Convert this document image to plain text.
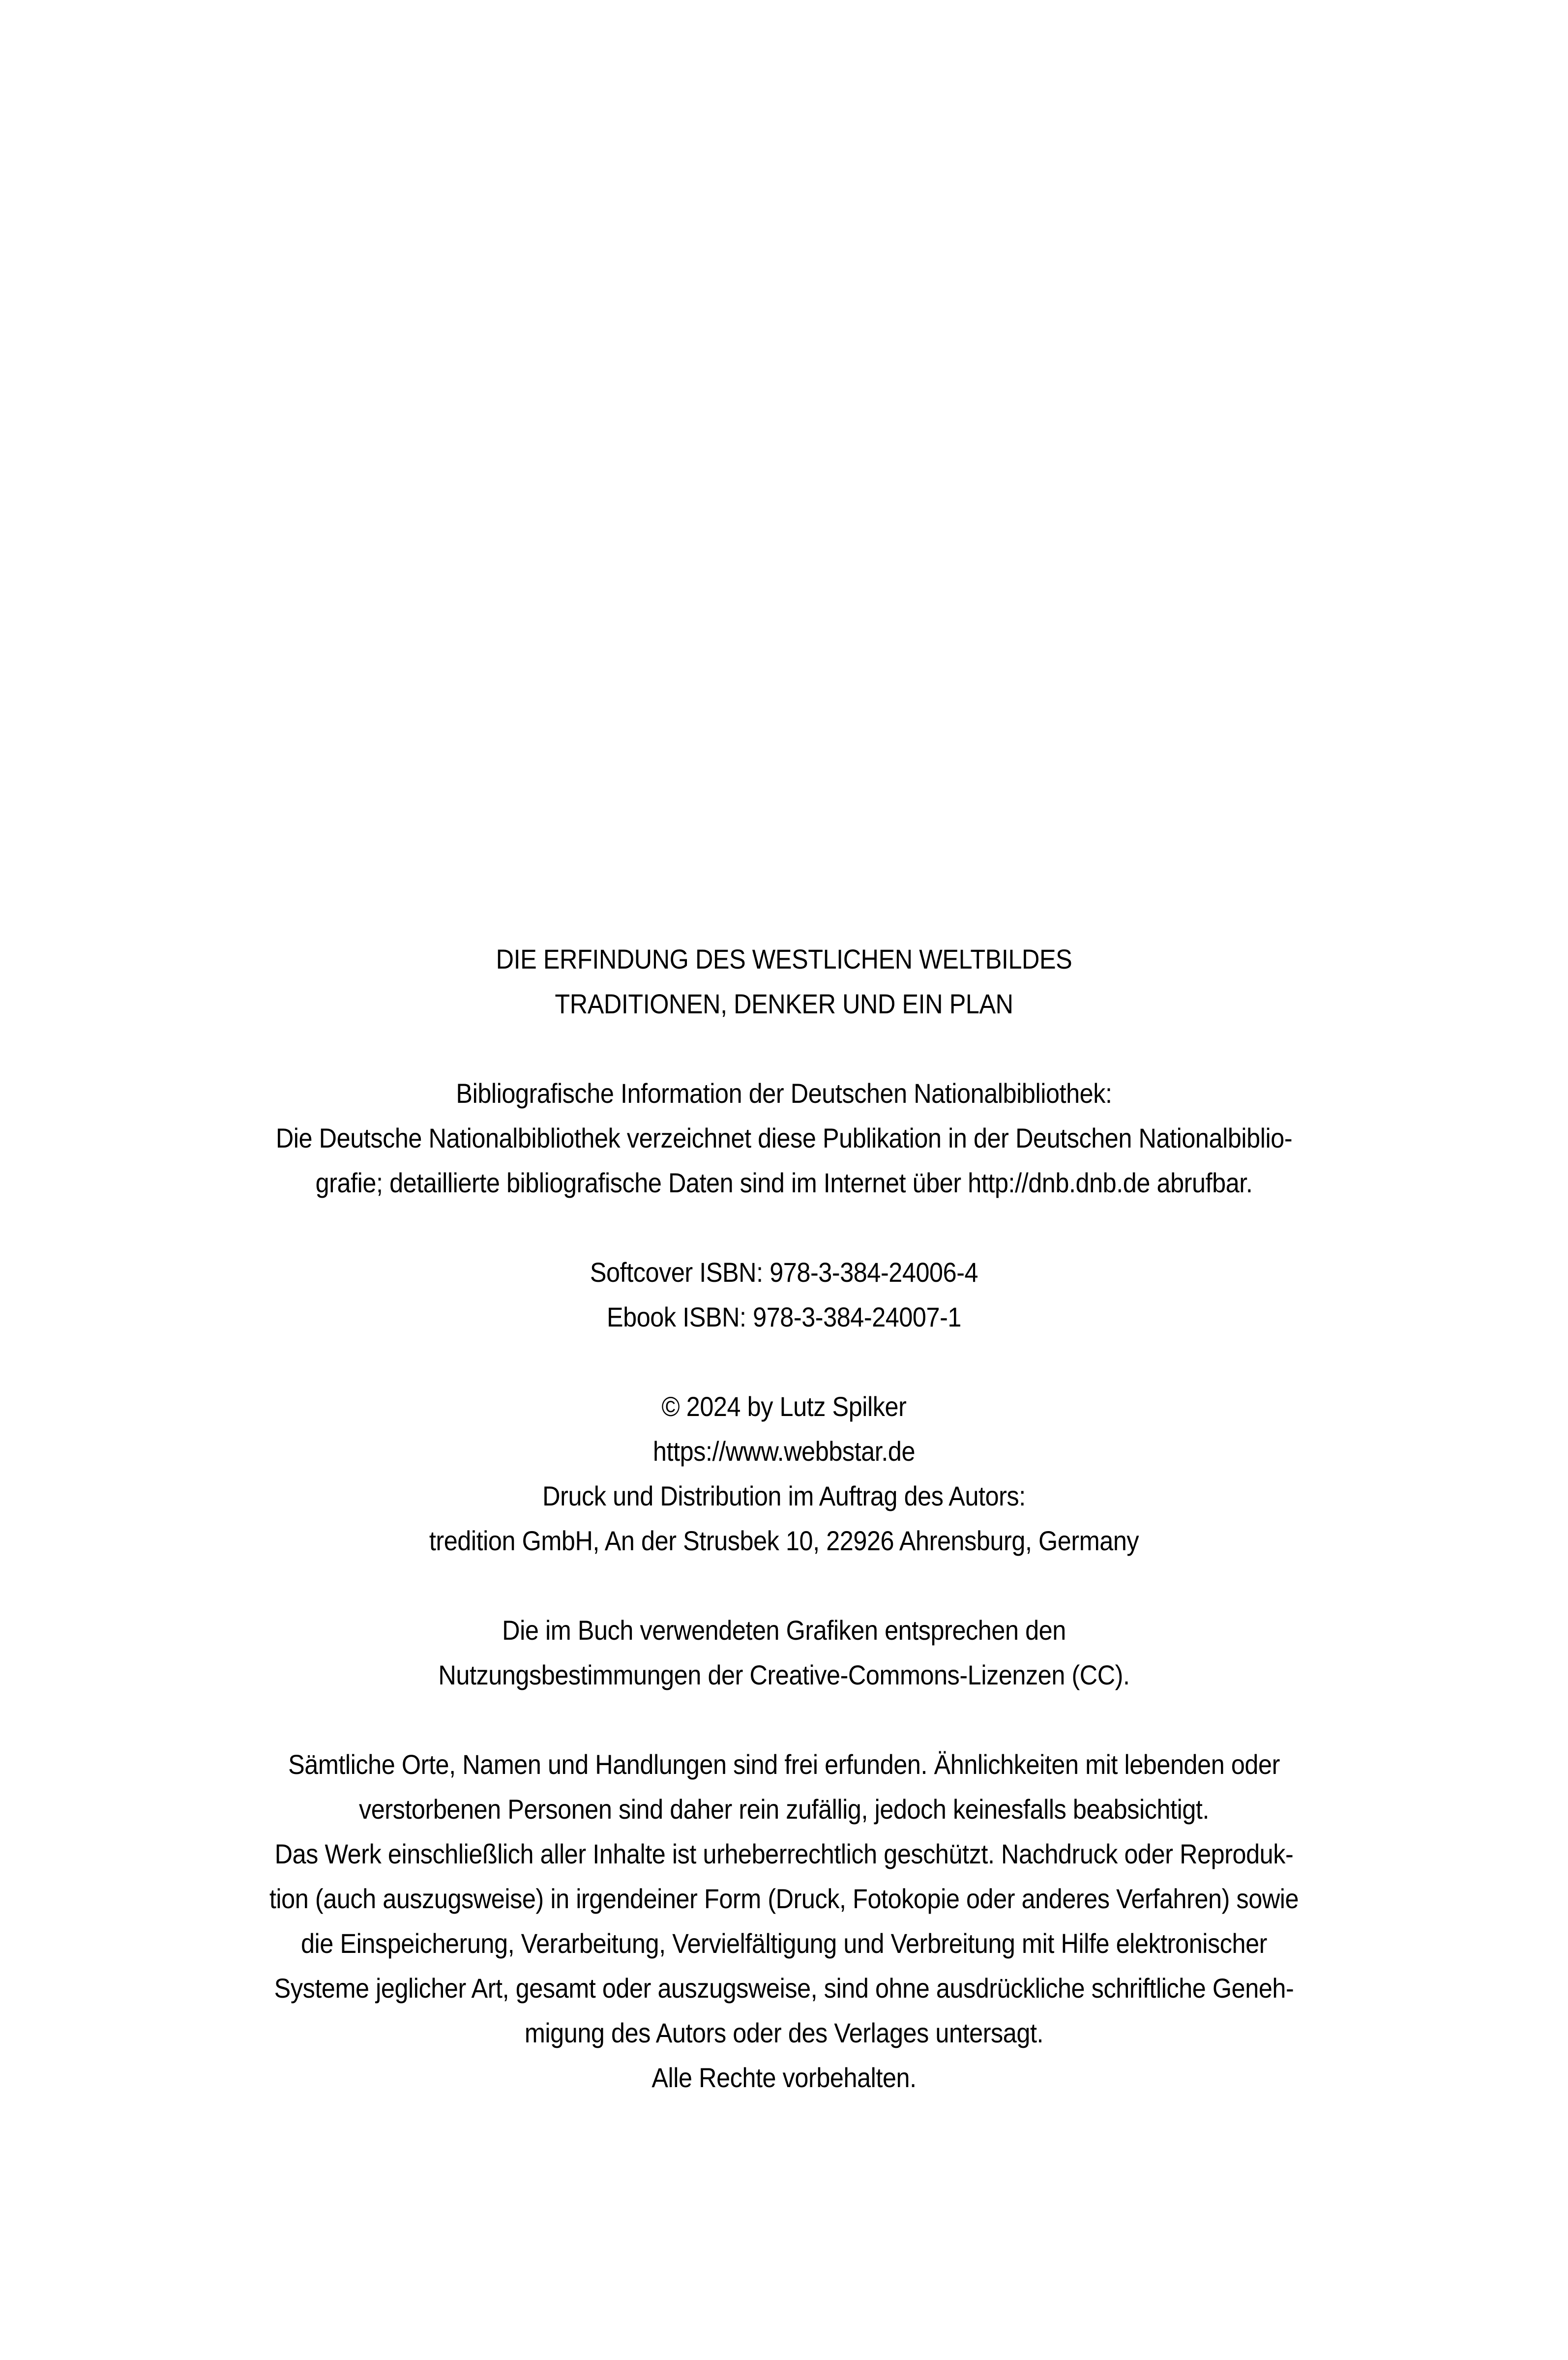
DIE ERFINDUNG DES WESTLICHEN WELTBILDES
TRADITIONEN, DENKER UND EIN PLAN
Bibliografische Information der Deutschen Nationalbibliothek:
Die Deutsche Nationalbibliothek verzeichnet diese Publikation in der Deutschen Nationalbiblio-
grafie; detaillierte bibliografische Daten sind im Internet über http://dnb.dnb.de abrufbar.
Softcover ISBN: 978-3-384-24006-4
Ebook ISBN: 978-3-384-24007-1
© 2024 by Lutz Spilker
https://www.webbstar.de
Druck und Distribution im Auftrag des Autors:
tredition GmbH, An der Strusbek 10, 22926 Ahrensburg, Germany
Die im Buch verwendeten Grafiken entsprechen den
Nutzungsbestimmungen der Creative-Commons-Lizenzen (CC).
Sämtliche Orte, Namen und Handlungen sind frei erfunden. Ähnlichkeiten mit lebenden oder
verstorbenen Personen sind daher rein zufällig, jedoch keinesfalls beabsichtigt.
Das Werk einschließlich aller Inhalte ist urheberrechtlich geschützt. Nachdruck oder Reproduk-
tion (auch auszugsweise) in irgendeiner Form (Druck, Fotokopie oder anderes Verfahren) sowie
die Einspeicherung, Verarbeitung, Vervielfältigung und Verbreitung mit Hilfe elektronischer
Systeme jeglicher Art, gesamt oder auszugsweise, sind ohne ausdrückliche schriftliche Geneh-
migung des Autors oder des Verlages untersagt.
Alle Rechte vorbehalten.
